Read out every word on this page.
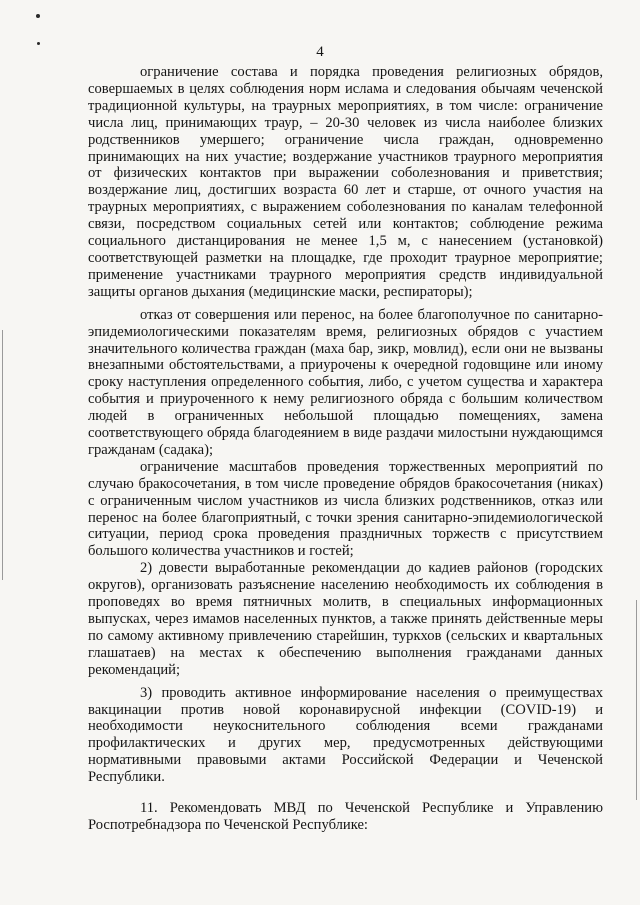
4

ограничение состава и порядка проведения религиозных обрядов, совершаемых в целях соблюдения норм ислама и следования обычаям чеченской традиционной культуры, на траурных мероприятиях, в том числе: ограничение числа лиц, принимающих траур, – 20-30 человек из числа наиболее близких родственников умершего; ограничение числа граждан, одновременно принимающих на них участие; воздержание участников траурного мероприятия от физических контактов при выражении соболезнования и приветствия; воздержание лиц, достигших возраста 60 лет и старше, от очного участия на траурных мероприятиях, с выражением соболезнования по каналам телефонной связи, посредством социальных сетей или контактов; соблюдение режима социального дистанцирования не менее 1,5 м, с нанесением (установкой) соответствующей разметки на площадке, где проходит траурное мероприятие; применение участниками траурного мероприятия средств индивидуальной защиты органов дыхания (медицинские маски, респираторы);

отказ от совершения или перенос, на более благополучное по санитарно-эпидемиологическими показателям время, религиозных обрядов с участием значительного количества граждан (маха бар, зикр, мовлид), если они не вызваны внезапными обстоятельствами, а приурочены к очередной годовщине или иному сроку наступления определенного события, либо, с учетом существа и характера события и приуроченного к нему религиозного обряда с большим количеством людей в ограниченных небольшой площадью помещениях, замена соответствующего обряда благодеянием в виде раздачи милостыни нуждающимся гражданам (садака);

ограничение масштабов проведения торжественных мероприятий по случаю бракосочетания, в том числе проведение обрядов бракосочетания (никах) с ограниченным числом участников из числа близких родственников, отказ или перенос на более благоприятный, с точки зрения санитарно-эпидемиологической ситуации, период срока проведения праздничных торжеств с присутствием большого количества участников и гостей;

2) довести выработанные рекомендации до кадиев районов (городских округов), организовать разъяснение населению необходимость их соблюдения в проповедях во время пятничных молитв, в специальных информационных выпусках, через имамов населенных пунктов, а также принять действенные меры по самому активному привлечению старейшин, туркхов (сельских и квартальных глашатаев) на местах к обеспечению выполнения гражданами данных рекомендаций;

3) проводить активное информирование населения о преимуществах вакцинации против новой коронавирусной инфекции (COVID-19) и необходимости неукоснительного соблюдения всеми гражданами профилактических и других мер, предусмотренных действующими нормативными правовыми актами Российской Федерации и Чеченской Республики.

11. Рекомендовать МВД по Чеченской Республике и Управлению Роспотребнадзора по Чеченской Республике:
